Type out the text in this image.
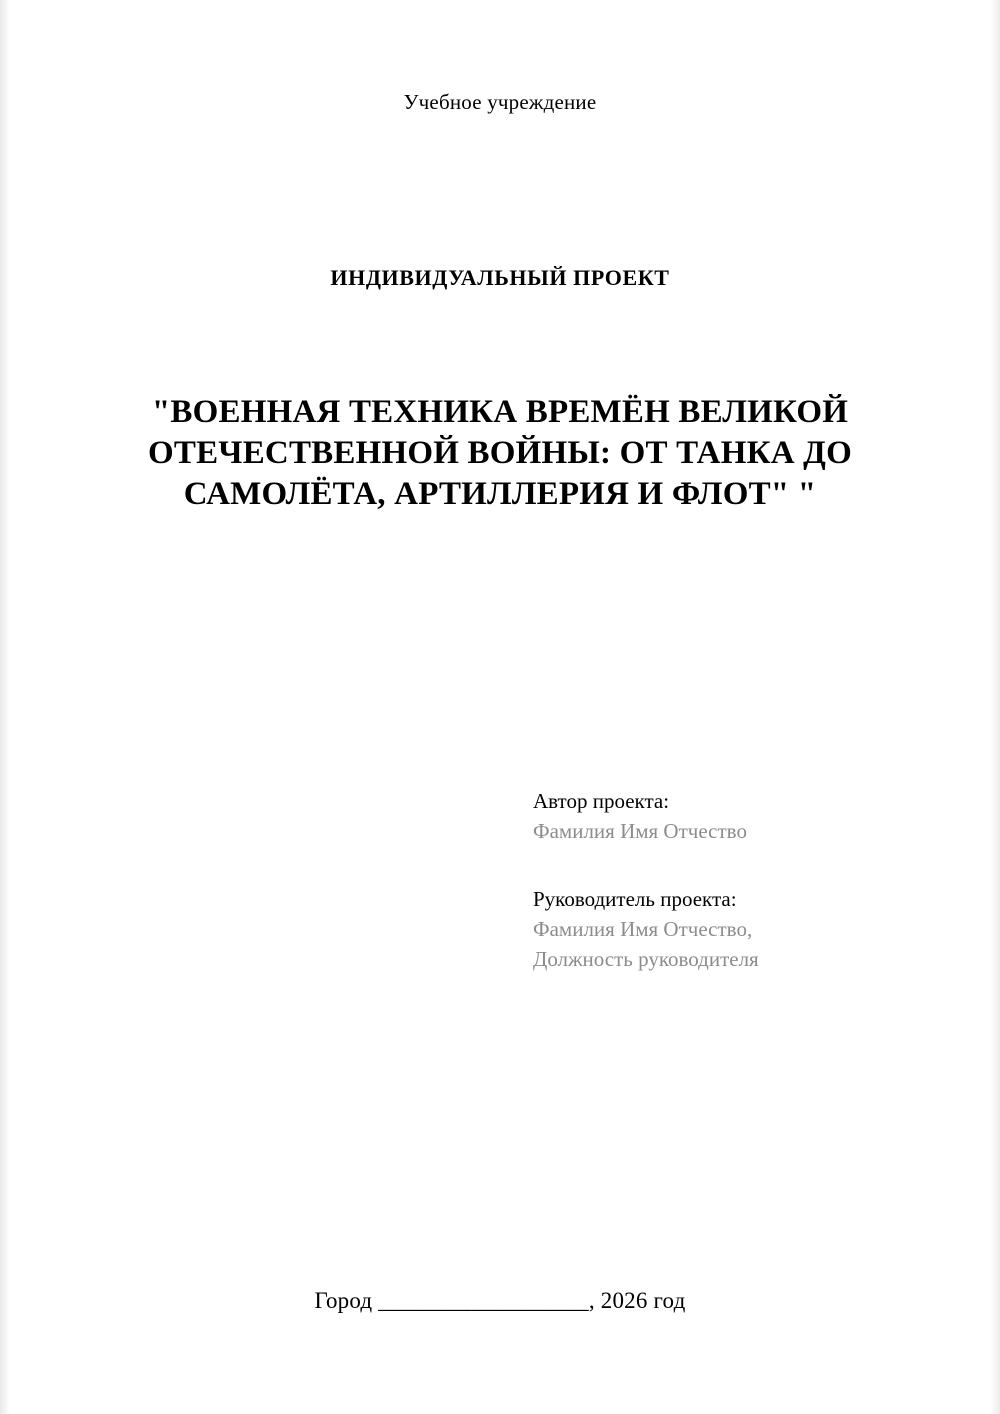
Учебное учреждение
ИНДИВИДУАЛЬНЫЙ ПРОЕКТ
"ВОЕННАЯ ТЕХНИКА ВРЕМЁН ВЕЛИКОЙ ОТЕЧЕСТВЕННОЙ ВОЙНЫ: ОТ ТАНКА ДО САМОЛЁТА, АРТИЛЛЕРИЯ И ФЛОТ" "

Автор проекта:

Фамилия Имя Отчество

Руководитель проекта:

Фамилия Имя Отчество,

Должность руководителя

Город __________________, 2026 год
